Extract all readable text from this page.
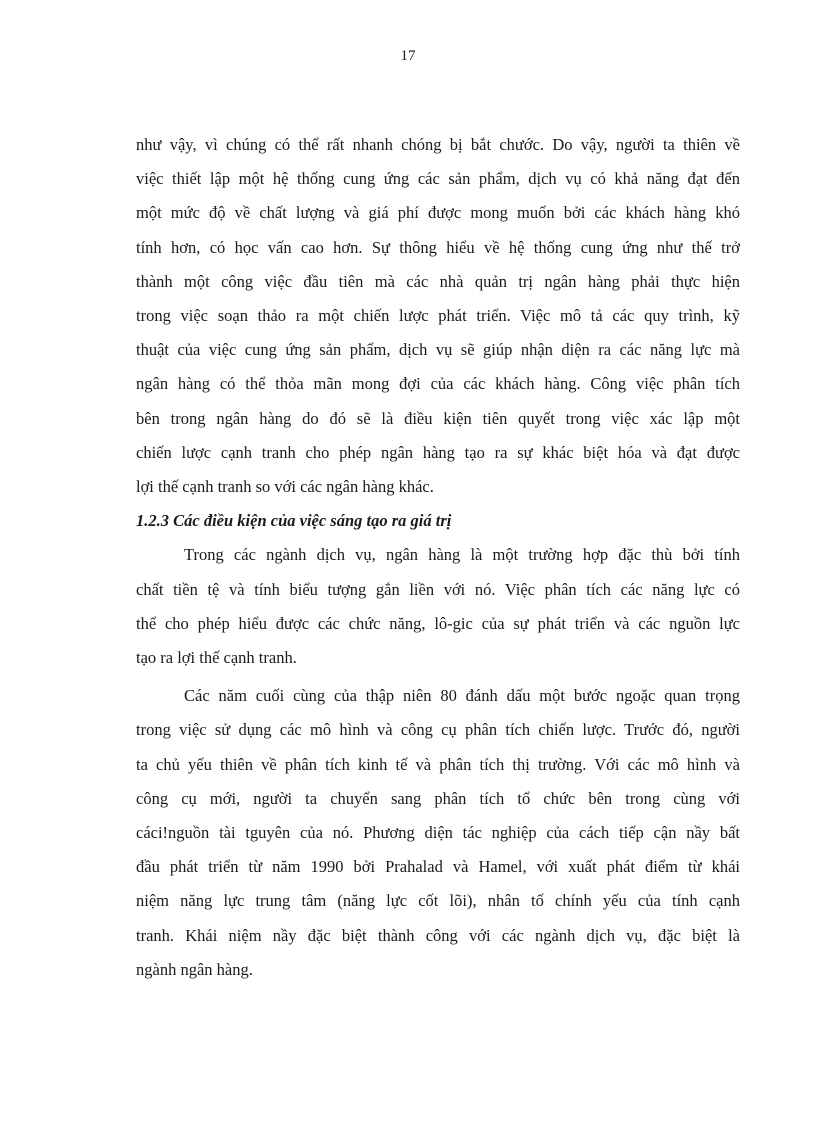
17
như vậy, vì chúng có thể rất nhanh chóng bị bắt chước. Do vậy, người ta thiên về
việc thiết lập một hệ thống cung ứng các sản phẩm, dịch vụ có khả năng đạt đến
một mức độ về chất lượng và giá phí được mong muốn bởi các khách hàng khó
tính hơn, có học vấn cao hơn. Sự thông hiểu về hệ thống cung ứng như thế trở
thành một công việc đầu tiên mà các nhà quản trị ngân hàng phải thực hiện
trong việc soạn thảo ra một chiến lược phát triển. Việc mô tả các quy trình, kỹ
thuật của việc cung ứng sản phẩm, dịch vụ sẽ giúp nhận diện ra các năng lực mà
ngân hàng có thể thỏa mãn mong đợi của các khách hàng. Công việc phân tích
bên trong ngân hàng do đó sẽ là điều kiện tiên quyết trong việc xác lập một
chiến lược cạnh tranh cho phép ngân hàng tạo ra sự khác biệt hóa và đạt được
lợi thế cạnh tranh so với các ngân hàng khác.
1.2.3 Các điều kiện của việc sáng tạo ra giá trị
Trong các ngành dịch vụ, ngân hàng là một trường hợp đặc thù bởi tính
chất tiền tệ và tính biểu tượng gắn liền với nó. Việc phân tích các năng lực có
thể cho phép hiểu được các chức năng, lô-gic của sự phát triển và các nguồn lực
tạo ra lợi thế cạnh tranh.
Các năm cuối cùng của thập niên 80 đánh dấu một bước ngoặc quan trọng
trong việc sử dụng các mô hình và công cụ phân tích chiến lược. Trước đó, người
ta chủ yếu thiên về phân tích kinh tế và phân tích thị trường. Với các mô hình và
công cụ mới, người ta chuyển sang phân tích tổ chức bên trong cùng với
cáci!nguồn tài tguyên của nó. Phương diện tác nghiệp của cách tiếp cận nầy bất
đầu phát triển từ năm 1990 bởi Prahalad và Hamel, với xuất phát điểm từ khái
niệm năng lực trung tâm (năng lực cốt lõi), nhân tố chính yếu của tính cạnh
tranh. Khái niệm nầy đặc biệt thành công với các ngành dịch vụ, đặc biệt là
ngành ngân hàng.
